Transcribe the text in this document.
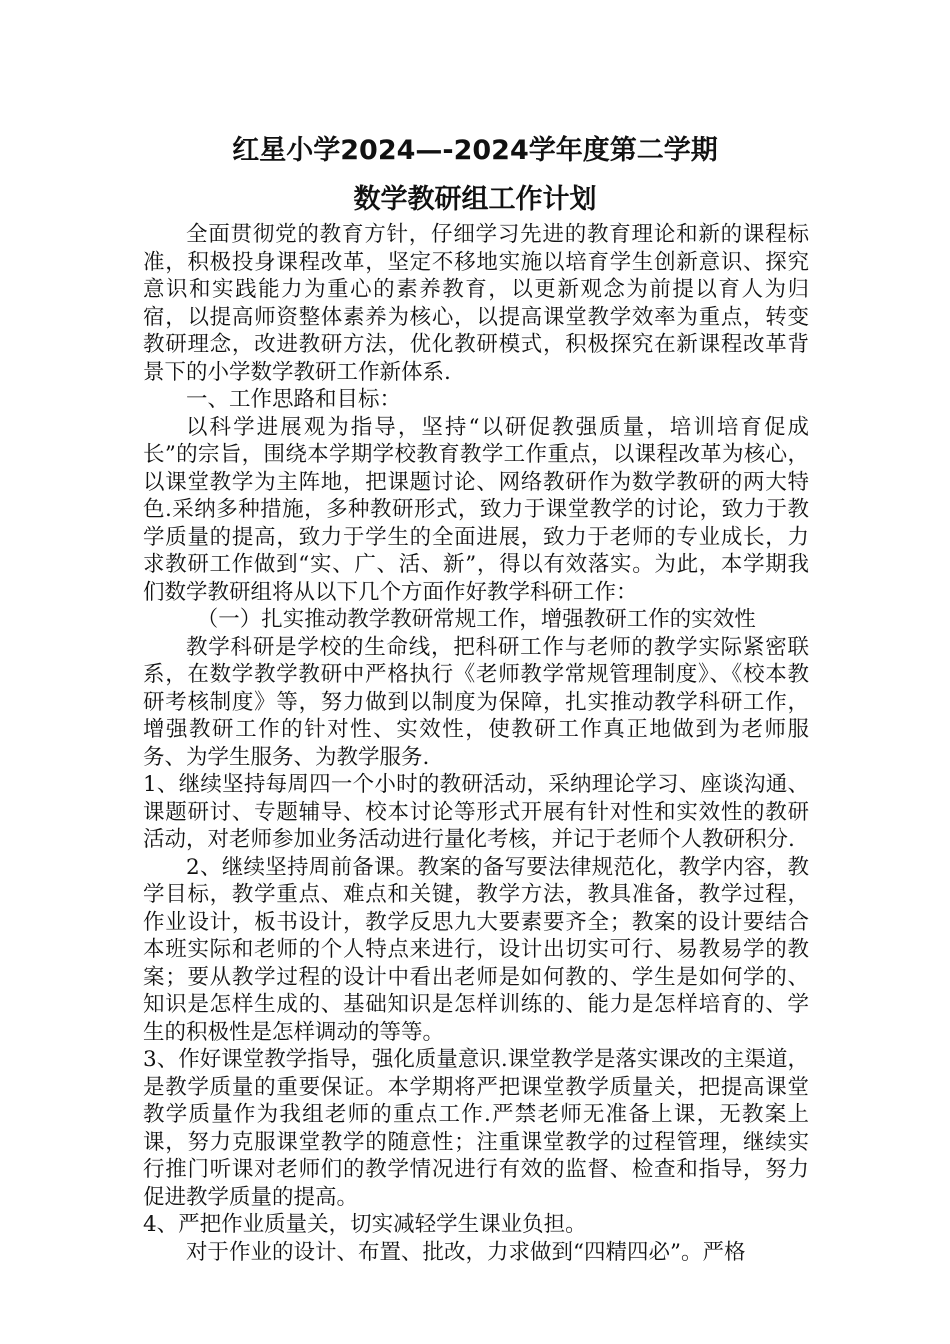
红星小学2024—-2024学年度第二学期
数学教研组工作计划

全面贯彻党的教育方针，仔细学习先进的教育理论和新的课程标准，积极投身课程改革，坚定不移地实施以培育学生创新意识、探究意识和实践能力为重心的素养教育，以更新观念为前提以育人为归宿，以提高师资整体素养为核心，以提高课堂教学效率为重点，转变教研理念，改进教研方法，优化教研模式，积极探究在新课程改革背景下的小学数学教研工作新体系.

一、工作思路和目标：

以科学进展观为指导，坚持“以研促教强质量，培训培育促成长”的宗旨，围绕本学期学校教育教学工作重点，以课程改革为核心，以课堂教学为主阵地，把课题讨论、网络教研作为数学教研的两大特色.采纳多种措施，多种教研形式，致力于课堂教学的讨论，致力于教学质量的提高，致力于学生的全面进展，致力于老师的专业成长，力求教研工作做到“实、广、活、新”，得以有效落实。为此，本学期我们数学教研组将从以下几个方面作好教学科研工作：

（一）扎实推动教学教研常规工作，增强教研工作的实效性

教学科研是学校的生命线，把科研工作与老师的教学实际紧密联系，在数学教学教研中严格执行《老师教学常规管理制度》、《校本教研考核制度》等，努力做到以制度为保障，扎实推动教学科研工作，增强教研工作的针对性、实效性，使教研工作真正地做到为老师服务、为学生服务、为教学服务.

1、继续坚持每周四一个小时的教研活动，采纳理论学习、座谈沟通、课题研讨、专题辅导、校本讨论等形式开展有针对性和实效性的教研活动，对老师参加业务活动进行量化考核，并记于老师个人教研积分.

2、继续坚持周前备课。教案的备写要法律规范化，教学内容，教学目标，教学重点、难点和关键，教学方法，教具准备，教学过程，作业设计，板书设计，教学反思九大要素要齐全；教案的设计要结合本班实际和老师的个人特点来进行，设计出切实可行、易教易学的教案；要从教学过程的设计中看出老师是如何教的、学生是如何学的、知识是怎样生成的、基础知识是怎样训练的、能力是怎样培育的、学生的积极性是怎样调动的等等。

3、作好课堂教学指导，强化质量意识.课堂教学是落实课改的主渠道，是教学质量的重要保证。本学期将严把课堂教学质量关，把提高课堂教学质量作为我组老师的重点工作.严禁老师无准备上课，无教案上课，努力克服课堂教学的随意性；注重课堂教学的过程管理，继续实行推门听课对老师们的教学情况进行有效的监督、检查和指导，努力促进教学质量的提高。

4、严把作业质量关，切实减轻学生课业负担。

对于作业的设计、布置、批改，力求做到“四精四必”。严格
